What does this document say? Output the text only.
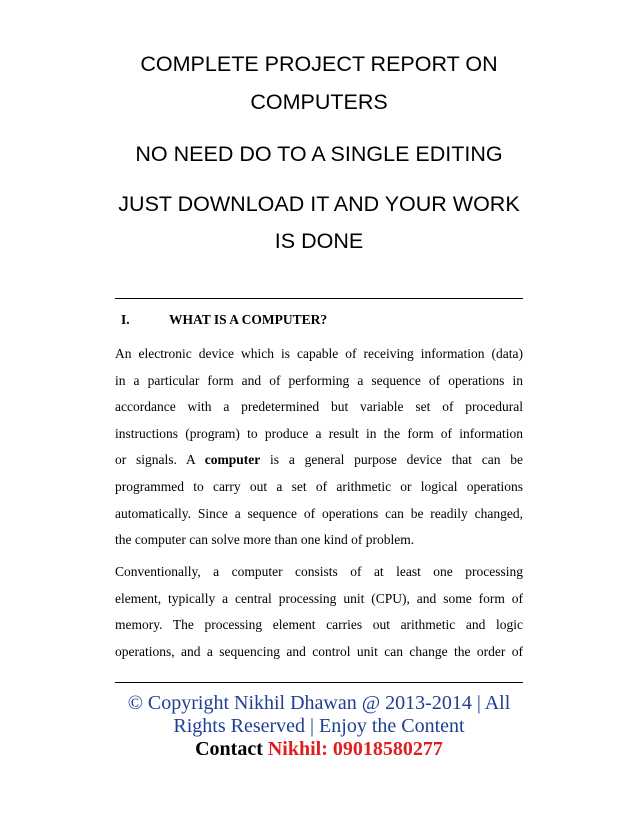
COMPLETE PROJECT REPORT ON
COMPUTERS
NO NEED DO TO A SINGLE EDITING
JUST DOWNLOAD IT AND YOUR WORK
IS DONE
I.	WHAT IS A COMPUTER?
An electronic device which is capable of receiving information (data)
in a particular form and of performing a sequence of operations in
accordance with a predetermined but variable set of procedural
instructions (program) to produce a result in the form of information
or signals. A computer is a general purpose device that can be
programmed to carry out a set of arithmetic or logical operations
automatically. Since a sequence of operations can be readily changed,
the computer can solve more than one kind of problem.
Conventionally, a computer consists of at least one processing
element, typically a central processing unit (CPU), and some form of
memory. The processing element carries out arithmetic and logic
operations, and a sequencing and control unit can change the order of
© Copyright Nikhil Dhawan @ 2013-2014 | All
Rights Reserved | Enjoy the Content
Contact Nikhil: 09018580277
